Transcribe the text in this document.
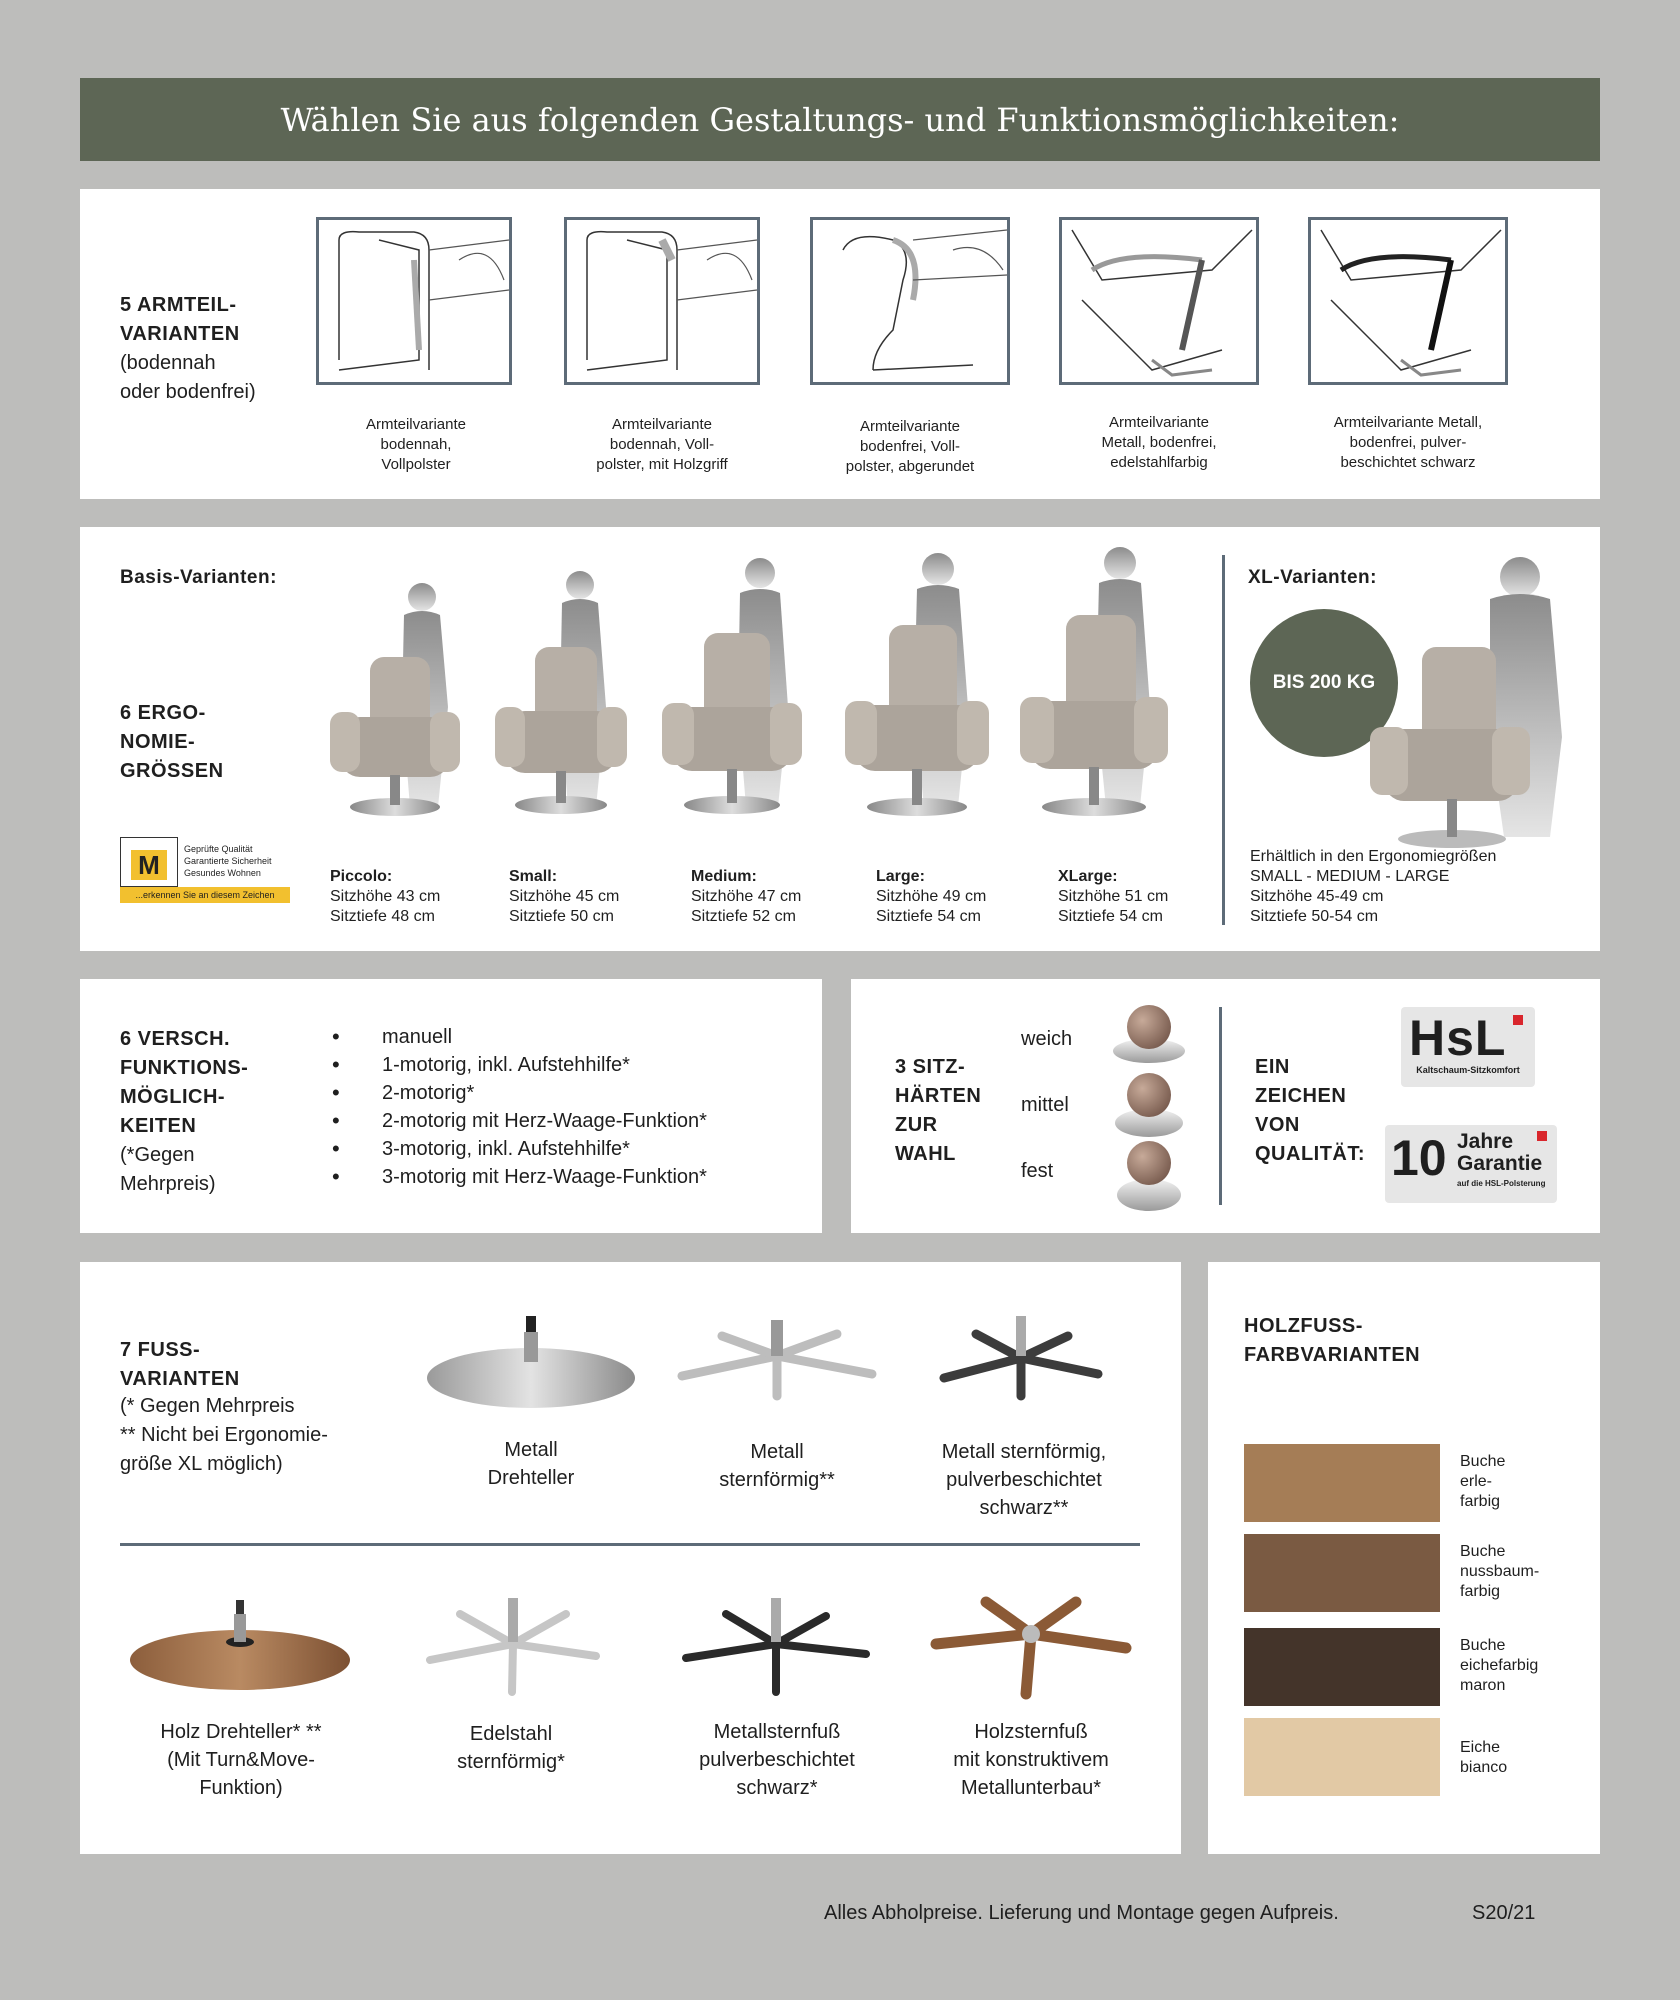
Wählen Sie aus folgenden Gestaltungs- und Funktionsmöglichkeiten:
5 ARMTEIL-
VARIANTEN
(bodennah
oder bodenfrei)
Armteilvariante
bodennah,
Vollpolster
Armteilvariante
bodennah, Voll-
polster, mit Holzgriff
Armteilvariante
bodenfrei, Voll-
polster, abgerundet
Armteilvariante
Metall, bodenfrei,
edelstahlfarbig
Armteilvariante Metall,
bodenfrei, pulver-
beschichtet schwarz
Basis-Varianten:
6 ERGO-
NOMIE-
GRÖSSEN
M
Geprüfte Qualität
Garantierte Sicherheit
Gesundes Wohnen
...erkennen Sie an diesem Zeichen
Piccolo:
Sitzhöhe 43 cm
Sitztiefe 48 cm
Small:
Sitzhöhe 45 cm
Sitztiefe 50 cm
Medium:
Sitzhöhe 47 cm
Sitztiefe 52 cm
Large:
Sitzhöhe 49 cm
Sitztiefe 54 cm
XLarge:
Sitzhöhe 51 cm
Sitztiefe 54 cm
XL-Varianten:
BIS 200 KG
Erhältlich in den Ergonomiegrößen
SMALL - MEDIUM - LARGE
Sitzhöhe 45-49 cm
Sitztiefe 50-54 cm
6 VERSCH.
FUNKTIONS-
MÖGLICH-
KEITEN
(*Gegen
Mehrpreis)
• manuell
• 1-motorig, inkl. Aufstehhilfe*
• 2-motorig*
• 2-motorig mit Herz-Waage-Funktion*
• 3-motorig, inkl. Aufstehhilfe*
• 3-motorig mit Herz-Waage-Funktion*
3 SITZ-
HÄRTEN
ZUR
WAHL
weich
mittel
fest
EIN
ZEICHEN
VON
QUALITÄT:
HsL
Kaltschaum-Sitzkomfort
10 Jahre
Garantie
auf die HSL-Polsterung
7 FUSS-
VARIANTEN
(* Gegen Mehrpreis
** Nicht bei Ergonomie-
größe XL möglich)
Metall
Drehteller
Metall
sternförmig**
Metall sternförmig,
pulverbeschichtet
schwarz**
Holz Drehteller* **
(Mit Turn&Move-
Funktion)
Edelstahl
sternförmig*
Metallsternfuß
pulverbeschichtet
schwarz*
Holzsternfuß
mit konstruktivem
Metallunterbau*
HOLZFUSS-
FARBVARIANTEN
Buche
erle-
farbig
Buche
nussbaum-
farbig
Buche
eichefarbig
maron
Eiche
bianco
Alles Abholpreise. Lieferung und Montage gegen Aufpreis.	S20/21
